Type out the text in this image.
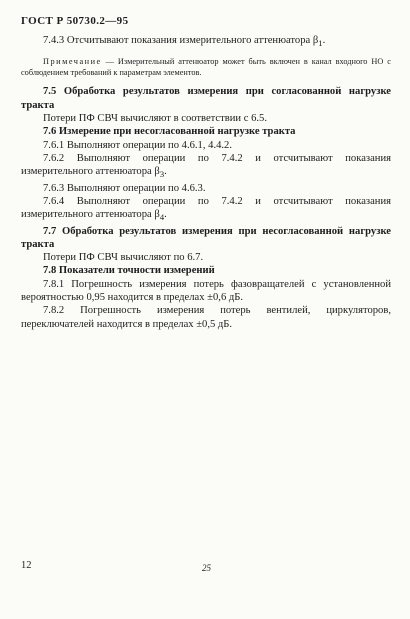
ГОСТ Р 50730.2—95

7.4.3 Отсчитывают показания измерительного аттенюатора $\beta_1$.

Примечание — Измерительный аттенюатор может быть включен в канал входного НО с соблюдением требований к параметрам элементов.

7.5 Обработка результатов измерения при согласованной нагрузке тракта

Потери ПФ СВЧ вычисляют в соответствии с 6.5.

7.6 Измерение при несогласованной нагрузке тракта

7.6.1 Выполняют операции по 4.6.1, 4.4.2.

7.6.2 Выполняют операции по 7.4.2 и отсчитывают показания измерительного аттенюатора $\beta_3$.

7.6.3 Выполняют операции по 4.6.3.

7.6.4 Выполняют операции по 7.4.2 и отсчитывают показания измерительного аттенюатора $\beta_4$.

7.7 Обработка результатов измерения при несогласованной нагрузке тракта

Потери ПФ СВЧ вычисляют по 6.7.

7.8 Показатели точности измерений

7.8.1 Погрешность измерения потерь фазовращателей с установленной вероятностью 0,95 находится в пределах ±0,6 дБ.

7.8.2 Погрешность измерения потерь вентилей, циркуляторов, переключателей находится в пределах ±0,5 дБ.

12	25
